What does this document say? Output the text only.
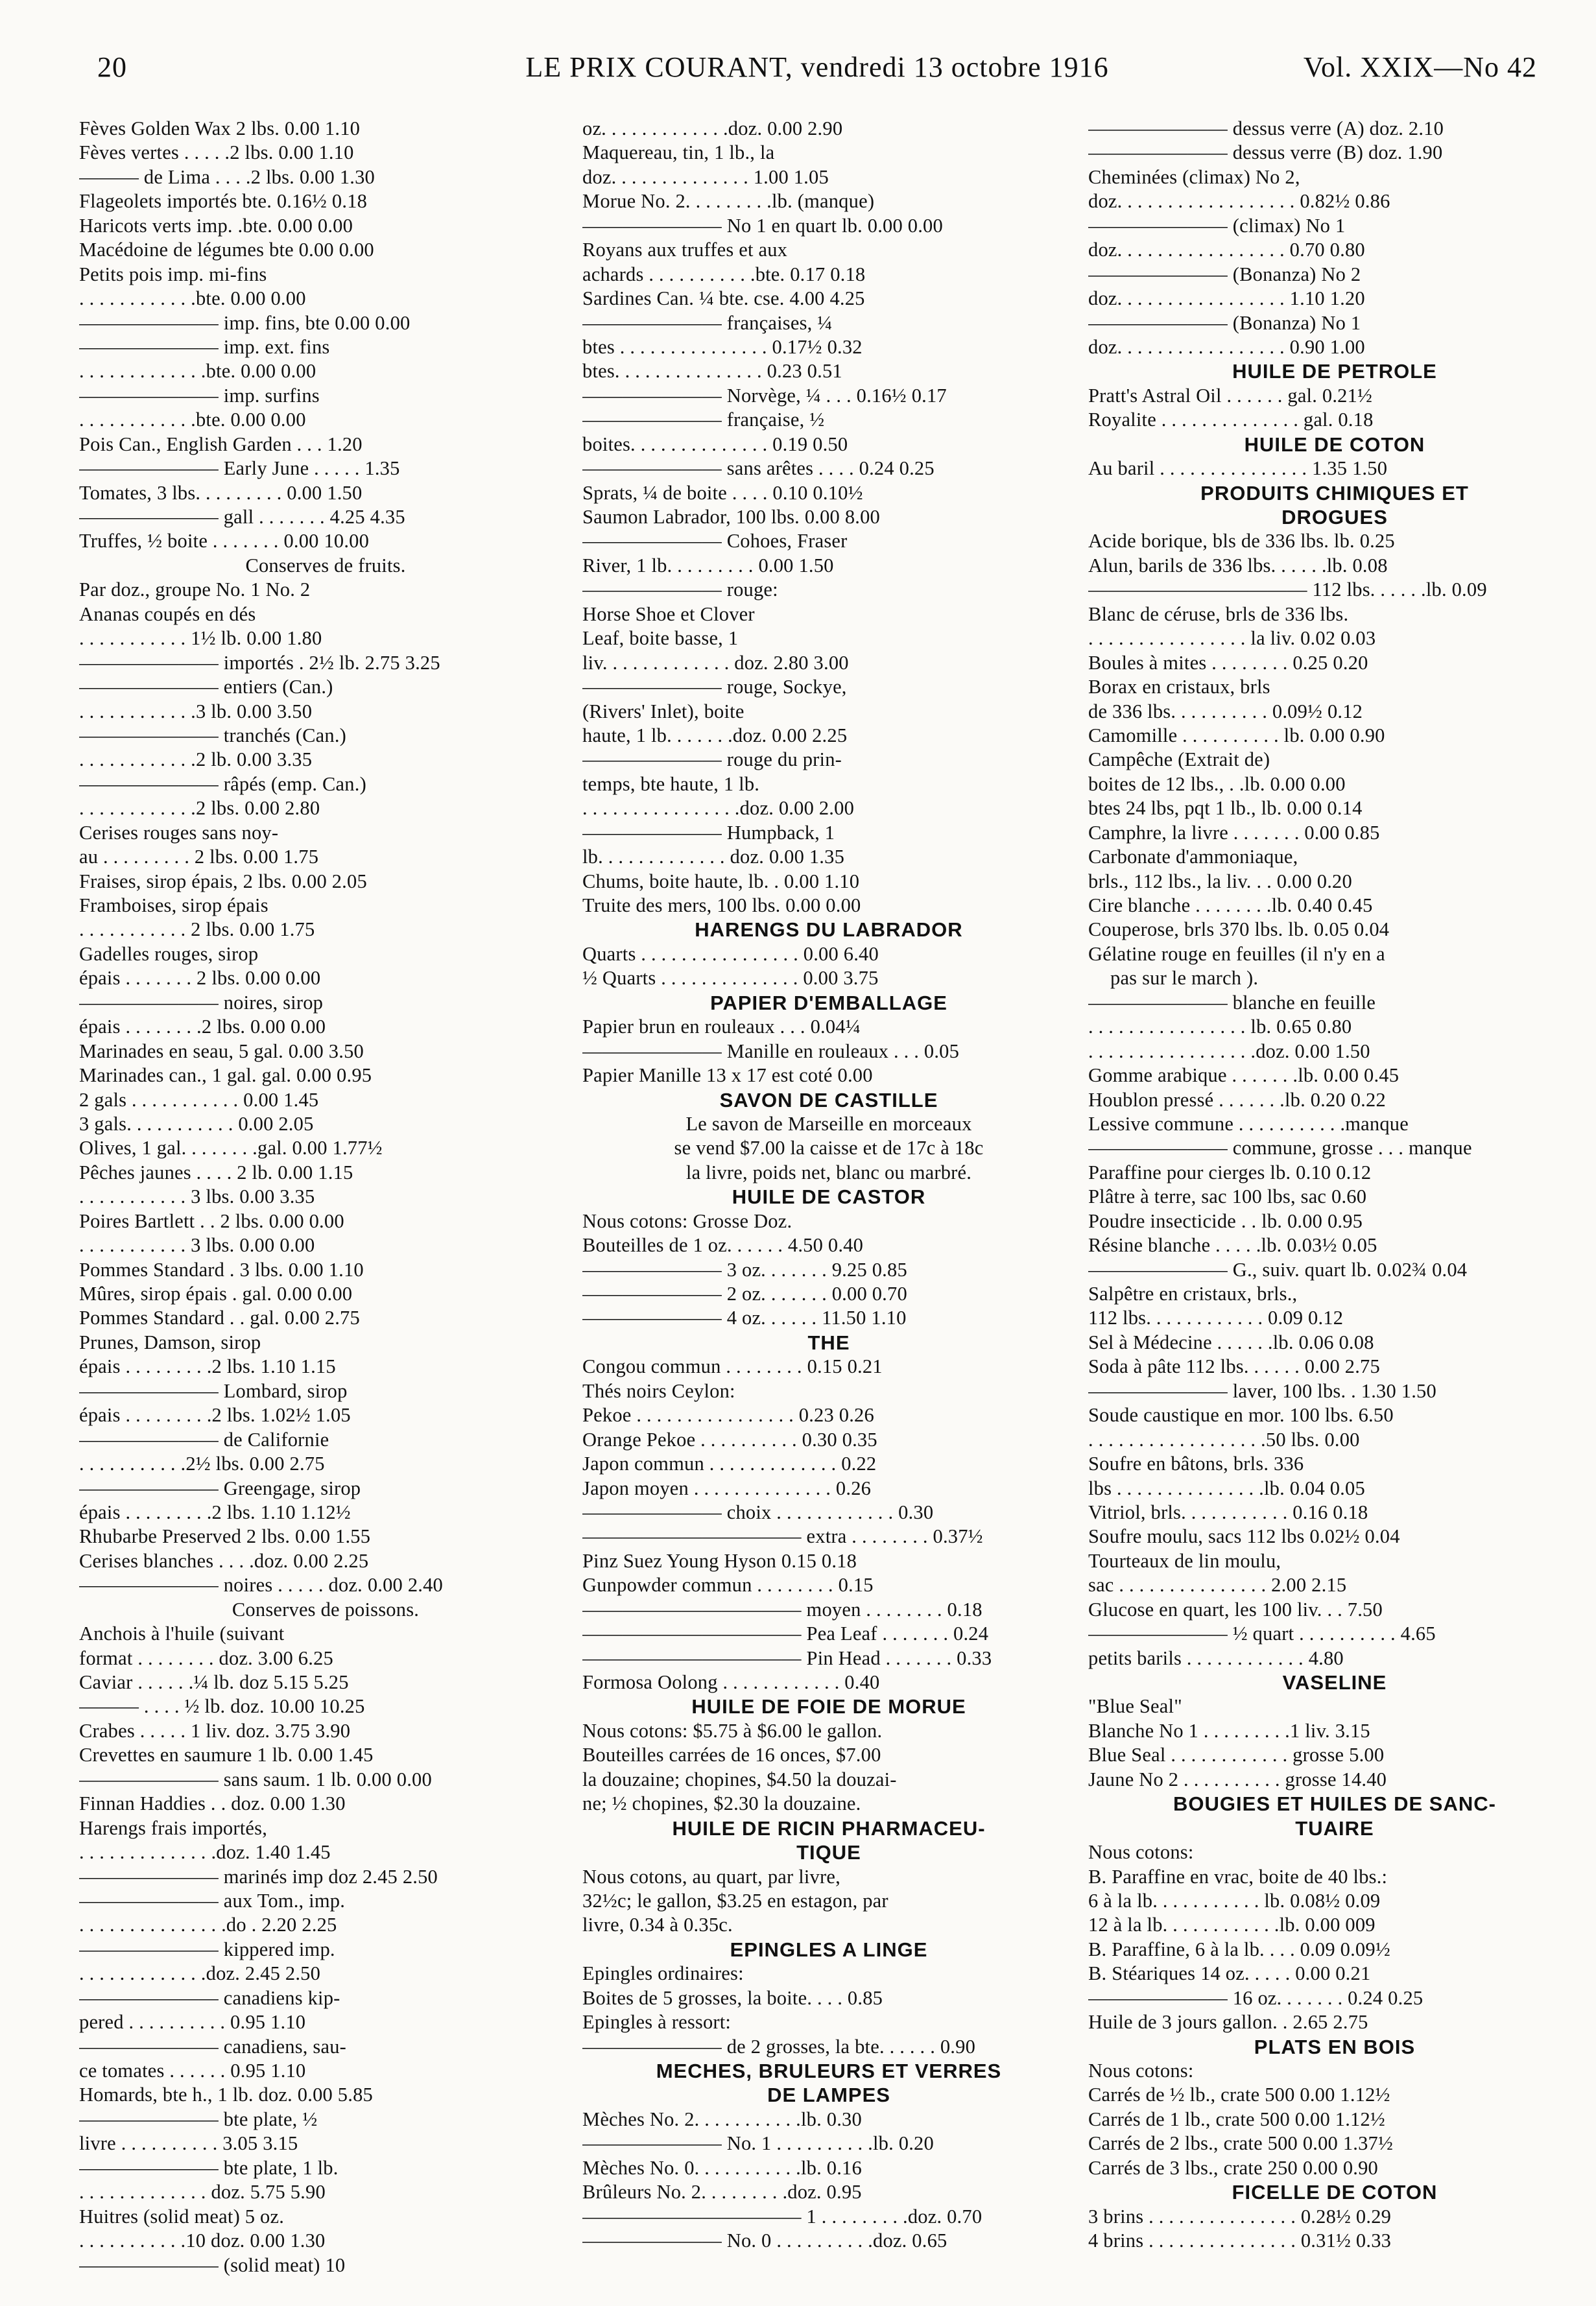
20	LE PRIX COURANT, vendredi 13 octobre 1916	Vol. XXIX—No 42
Fèves Golden Wax 2 lbs. 0.00 1.10
Fèves vertes . . . . .2 lbs. 0.00 1.10
——— de Lima . . . .2 lbs. 0.00 1.30
Flageolets importés bte. 0.16½ 0.18
Haricots verts imp. .bte. 0.00 0.00
Macédoine de légumes bte 0.00 0.00
Petits pois imp. mi-fins
. . . . . . . . . . . .bte. 0.00 0.00
——————— imp. fins, bte 0.00 0.00
——————— imp. ext. fins
. . . . . . . . . . . . .bte. 0.00 0.00
——————— imp. surfins
. . . . . . . . . . . .bte. 0.00 0.00
Pois Can., English Garden . . . 1.20
——————— Early June . . . . . 1.35
Tomates, 3 lbs. . . . . . . . . 0.00 1.50
——————— gall . . . . . . . 4.25 4.35
Truffes, ½ boite . . . . . . . 0.00 10.00
Conserves de fruits.
Par doz., groupe No. 1 No. 2
Ananas coupés en dés
. . . . . . . . . . . 1½ lb. 0.00 1.80
——————— importés . 2½ lb. 2.75 3.25
——————— entiers (Can.)
. . . . . . . . . . . .3 lb. 0.00 3.50
——————— tranchés (Can.)
. . . . . . . . . . . .2 lb. 0.00 3.35
——————— râpés (emp. Can.)
. . . . . . . . . . . .2 lbs. 0.00 2.80
Cerises rouges sans noy-
au . . . . . . . . . 2 lbs. 0.00 1.75
Fraises, sirop épais, 2 lbs. 0.00 2.05
Framboises, sirop épais
. . . . . . . . . . . 2 lbs. 0.00 1.75
Gadelles rouges, sirop
épais . . . . . . . 2 lbs. 0.00 0.00
——————— noires, sirop
épais . . . . . . . .2 lbs. 0.00 0.00
Marinades en seau, 5 gal. 0.00 3.50
Marinades can., 1 gal. gal. 0.00 0.95
2 gals . . . . . . . . . . . 0.00 1.45
3 gals. . . . . . . . . . . 0.00 2.05
Olives, 1 gal. . . . . . . .gal. 0.00 1.77½
Pêches jaunes . . . . 2 lb. 0.00 1.15
. . . . . . . . . . . 3 lbs. 0.00 3.35
Poires Bartlett . . 2 lbs. 0.00 0.00
. . . . . . . . . . . 3 lbs. 0.00 0.00
Pommes Standard . 3 lbs. 0.00 1.10
Mûres, sirop épais . gal. 0.00 0.00
Pommes Standard . . gal. 0.00 2.75
Prunes, Damson, sirop
épais . . . . . . . . .2 lbs. 1.10 1.15
——————— Lombard, sirop
épais . . . . . . . . .2 lbs. 1.02½ 1.05
——————— de Californie
. . . . . . . . . . .2½ lbs. 0.00 2.75
——————— Greengage, sirop
épais . . . . . . . . .2 lbs. 1.10 1.12½
Rhubarbe Preserved 2 lbs. 0.00 1.55
Cerises blanches . . . .doz. 0.00 2.25
——————— noires . . . . . doz. 0.00 2.40
Conserves de poissons.
Anchois à l'huile (suivant
format . . . . . . . . doz. 3.00 6.25
Caviar . . . . . .¼ lb. doz 5.15 5.25
——— . . . . ½ lb. doz. 10.00 10.25
Crabes . . . . . 1 liv. doz. 3.75 3.90
Crevettes en saumure 1 lb. 0.00 1.45
——————— sans saum. 1 lb. 0.00 0.00
Finnan Haddies . . doz. 0.00 1.30
Harengs frais importés,
. . . . . . . . . . . . . .doz. 1.40 1.45
——————— marinés imp doz 2.45 2.50
——————— aux Tom., imp.
. . . . . . . . . . . . . . .do . 2.20 2.25
——————— kippered imp.
. . . . . . . . . . . . .doz. 2.45 2.50
——————— canadiens kip-
pered . . . . . . . . . . 0.95 1.10
——————— canadiens, sau-
ce tomates . . . . . . 0.95 1.10
Homards, bte h., 1 lb. doz. 0.00 5.85
——————— bte plate, ½
livre . . . . . . . . . . 3.05 3.15
——————— bte plate, 1 lb.
. . . . . . . . . . . . . doz. 5.75 5.90
Huitres (solid meat) 5 oz.
. . . . . . . . . . .10 doz. 0.00 1.30
——————— (solid meat) 10
oz. . . . . . . . . . . . .doz. 0.00 2.90
Maquereau, tin, 1 lb., la
doz. . . . . . . . . . . . . . 1.00 1.05
Morue No. 2. . . . . . . . .lb. (manque)
——————— No 1 en quart lb. 0.00 0.00
Royans aux truffes et aux
achards . . . . . . . . . . .bte. 0.17 0.18
Sardines Can. ¼ bte. cse. 4.00 4.25
——————— françaises, ¼
btes . . . . . . . . . . . . . . . 0.17½ 0.32
btes. . . . . . . . . . . . . . . 0.23 0.51
——————— Norvège, ¼ . . . 0.16½ 0.17
——————— française, ½
boites. . . . . . . . . . . . . . 0.19 0.50
——————— sans arêtes . . . . 0.24 0.25
Sprats, ¼ de boite . . . . 0.10 0.10½
Saumon Labrador, 100 lbs. 0.00 8.00
——————— Cohoes, Fraser
River, 1 lb. . . . . . . . . 0.00 1.50
——————— rouge:
Horse Shoe et Clover
Leaf, boite basse, 1
liv. . . . . . . . . . . . . doz. 2.80 3.00
——————— rouge, Sockye,
(Rivers' Inlet), boite
haute, 1 lb. . . . . . .doz. 0.00 2.25
——————— rouge du prin-
temps, bte haute, 1 lb.
. . . . . . . . . . . . . . . .doz. 0.00 2.00
——————— Humpback, 1
lb. . . . . . . . . . . . . doz. 0.00 1.35
Chums, boite haute, lb. . 0.00 1.10
Truite des mers, 100 lbs. 0.00 0.00
HARENGS DU LABRADOR
Quarts . . . . . . . . . . . . . . . . 0.00 6.40
½ Quarts . . . . . . . . . . . . . . 0.00 3.75
PAPIER D'EMBALLAGE
Papier brun en rouleaux . . . 0.04¼
——————— Manille en rouleaux . . . 0.05
Papier Manille 13 x 17 est coté 0.00
SAVON DE CASTILLE
Le savon de Marseille en morceaux
se vend $7.00 la caisse et de 17c à 18c
la livre, poids net, blanc ou marbré.
HUILE DE CASTOR
Nous cotons: Grosse Doz.
Bouteilles de 1 oz. . . . . . 4.50 0.40
——————— 3 oz. . . . . . . 9.25 0.85
——————— 2 oz. . . . . . . 0.00 0.70
——————— 4 oz. . . . . . 11.50 1.10
THE
Congou commun . . . . . . . . 0.15 0.21
Thés noirs Ceylon:
Pekoe . . . . . . . . . . . . . . . . 0.23 0.26
Orange Pekoe . . . . . . . . . . 0.30 0.35
Japon commun . . . . . . . . . . . . . 0.22
Japon moyen . . . . . . . . . . . . . . 0.26
——————— choix . . . . . . . . . . . . 0.30
——————————— extra . . . . . . . . 0.37½
Pinz Suez Young Hyson 0.15 0.18
Gunpowder commun . . . . . . . . 0.15
——————————— moyen . . . . . . . . 0.18
——————————— Pea Leaf . . . . . . . 0.24
——————————— Pin Head . . . . . . . 0.33
Formosa Oolong . . . . . . . . . . . . 0.40
HUILE DE FOIE DE MORUE
Nous cotons: $5.75 à $6.00 le gallon.
Bouteilles carrées de 16 onces, $7.00
la douzaine; chopines, $4.50 la douzai-
ne; ½ chopines, $2.30 la douzaine.
HUILE DE RICIN PHARMACEU-
TIQUE
Nous cotons, au quart, par livre,
32½c; le gallon, $3.25 en estagon, par
livre, 0.34 à 0.35c.
EPINGLES A LINGE
Epingles ordinaires:
Boites de 5 grosses, la boite. . . . 0.85
Epingles à ressort:
——————— de 2 grosses, la bte. . . . . . 0.90
MECHES, BRULEURS ET VERRES
DE LAMPES
Mèches No. 2. . . . . . . . . . .lb. 0.30
——————— No. 1 . . . . . . . . . .lb. 0.20
Mèches No. 0. . . . . . . . . . .lb. 0.16
Brûleurs No. 2. . . . . . . . .doz. 0.95
——————————— 1 . . . . . . . . .doz. 0.70
——————— No. 0 . . . . . . . . . .doz. 0.65
——————— dessus verre (A) doz. 2.10
——————— dessus verre (B) doz. 1.90
Cheminées (climax) No 2,
doz. . . . . . . . . . . . . . . . . . 0.82½ 0.86
——————— (climax) No 1
doz. . . . . . . . . . . . . . . . . 0.70 0.80
——————— (Bonanza) No 2
doz. . . . . . . . . . . . . . . . . 1.10 1.20
——————— (Bonanza) No 1
doz. . . . . . . . . . . . . . . . . 0.90 1.00
HUILE DE PETROLE
Pratt's Astral Oil . . . . . . gal. 0.21½
Royalite . . . . . . . . . . . . . . gal. 0.18
HUILE DE COTON
Au baril . . . . . . . . . . . . . . . 1.35 1.50
PRODUITS CHIMIQUES ET
DROGUES
Acide borique, bls de 336 lbs. lb. 0.25
Alun, barils de 336 lbs. . . . . .lb. 0.08
——————————— 112 lbs. . . . . .lb. 0.09
Blanc de céruse, brls de 336 lbs.
. . . . . . . . . . . . . . . . la liv. 0.02 0.03
Boules à mites . . . . . . . . 0.25 0.20
Borax en cristaux, brls
de 336 lbs. . . . . . . . . . 0.09½ 0.12
Camomille . . . . . . . . . . lb. 0.00 0.90
Campêche (Extrait de)
boites de 12 lbs., . .lb. 0.00 0.00
btes 24 lbs, pqt 1 lb., lb. 0.00 0.14
Camphre, la livre . . . . . . . 0.00 0.85
Carbonate d'ammoniaque,
brls., 112 lbs., la liv. . . 0.00 0.20
Cire blanche . . . . . . . .lb. 0.40 0.45
Couperose, brls 370 lbs. lb. 0.05 0.04
Gélatine rouge en feuilles (il n'y en a
pas sur le march ).
——————— blanche en feuille
. . . . . . . . . . . . . . . . lb. 0.65 0.80
. . . . . . . . . . . . . . . . .doz. 0.00 1.50
Gomme arabique . . . . . . .lb. 0.00 0.45
Houblon pressé . . . . . . .lb. 0.20 0.22
Lessive commune . . . . . . . . . . .manque
——————— commune, grosse . . . manque
Paraffine pour cierges lb. 0.10 0.12
Plâtre à terre, sac 100 lbs, sac 0.60
Poudre insecticide . . lb. 0.00 0.95
Résine blanche . . . . .lb. 0.03½ 0.05
——————— G., suiv. quart lb. 0.02¾ 0.04
Salpêtre en cristaux, brls.,
112 lbs. . . . . . . . . . . . 0.09 0.12
Sel à Médecine . . . . . .lb. 0.06 0.08
Soda à pâte 112 lbs. . . . . . 0.00 2.75
——————— laver, 100 lbs. . 1.30 1.50
Soude caustique en mor. 100 lbs. 6.50
. . . . . . . . . . . . . . . . . .50 lbs. 0.00
Soufre en bâtons, brls. 336
lbs . . . . . . . . . . . . . . .lb. 0.04 0.05
Vitriol, brls. . . . . . . . . . . 0.16 0.18
Soufre moulu, sacs 112 lbs 0.02½ 0.04
Tourteaux de lin moulu,
sac . . . . . . . . . . . . . . . 2.00 2.15
Glucose en quart, les 100 liv. . . 7.50
——————— ½ quart . . . . . . . . . . 4.65
petits barils . . . . . . . . . . . . 4.80
VASELINE
"Blue Seal"
Blanche No 1 . . . . . . . . .1 liv. 3.15
Blue Seal . . . . . . . . . . . . grosse 5.00
Jaune No 2 . . . . . . . . . . grosse 14.40
BOUGIES ET HUILES DE SANC-
TUAIRE
Nous cotons:
B. Paraffine en vrac, boite de 40 lbs.:
6 à la lb. . . . . . . . . . . lb. 0.08½ 0.09
12 à la lb. . . . . . . . . . . .lb. 0.00 009
B. Paraffine, 6 à la lb. . . . 0.09 0.09½
B. Stéariques 14 oz. . . . . 0.00 0.21
——————— 16 oz. . . . . . . 0.24 0.25
Huile de 3 jours gallon. . 2.65 2.75
PLATS EN BOIS
Nous cotons:
Carrés de ½ lb., crate 500 0.00 1.12½
Carrés de 1 lb., crate 500 0.00 1.12½
Carrés de 2 lbs., crate 500 0.00 1.37½
Carrés de 3 lbs., crate 250 0.00 0.90
FICELLE DE COTON
3 brins . . . . . . . . . . . . . . . 0.28½ 0.29
4 brins . . . . . . . . . . . . . . . 0.31½ 0.33
